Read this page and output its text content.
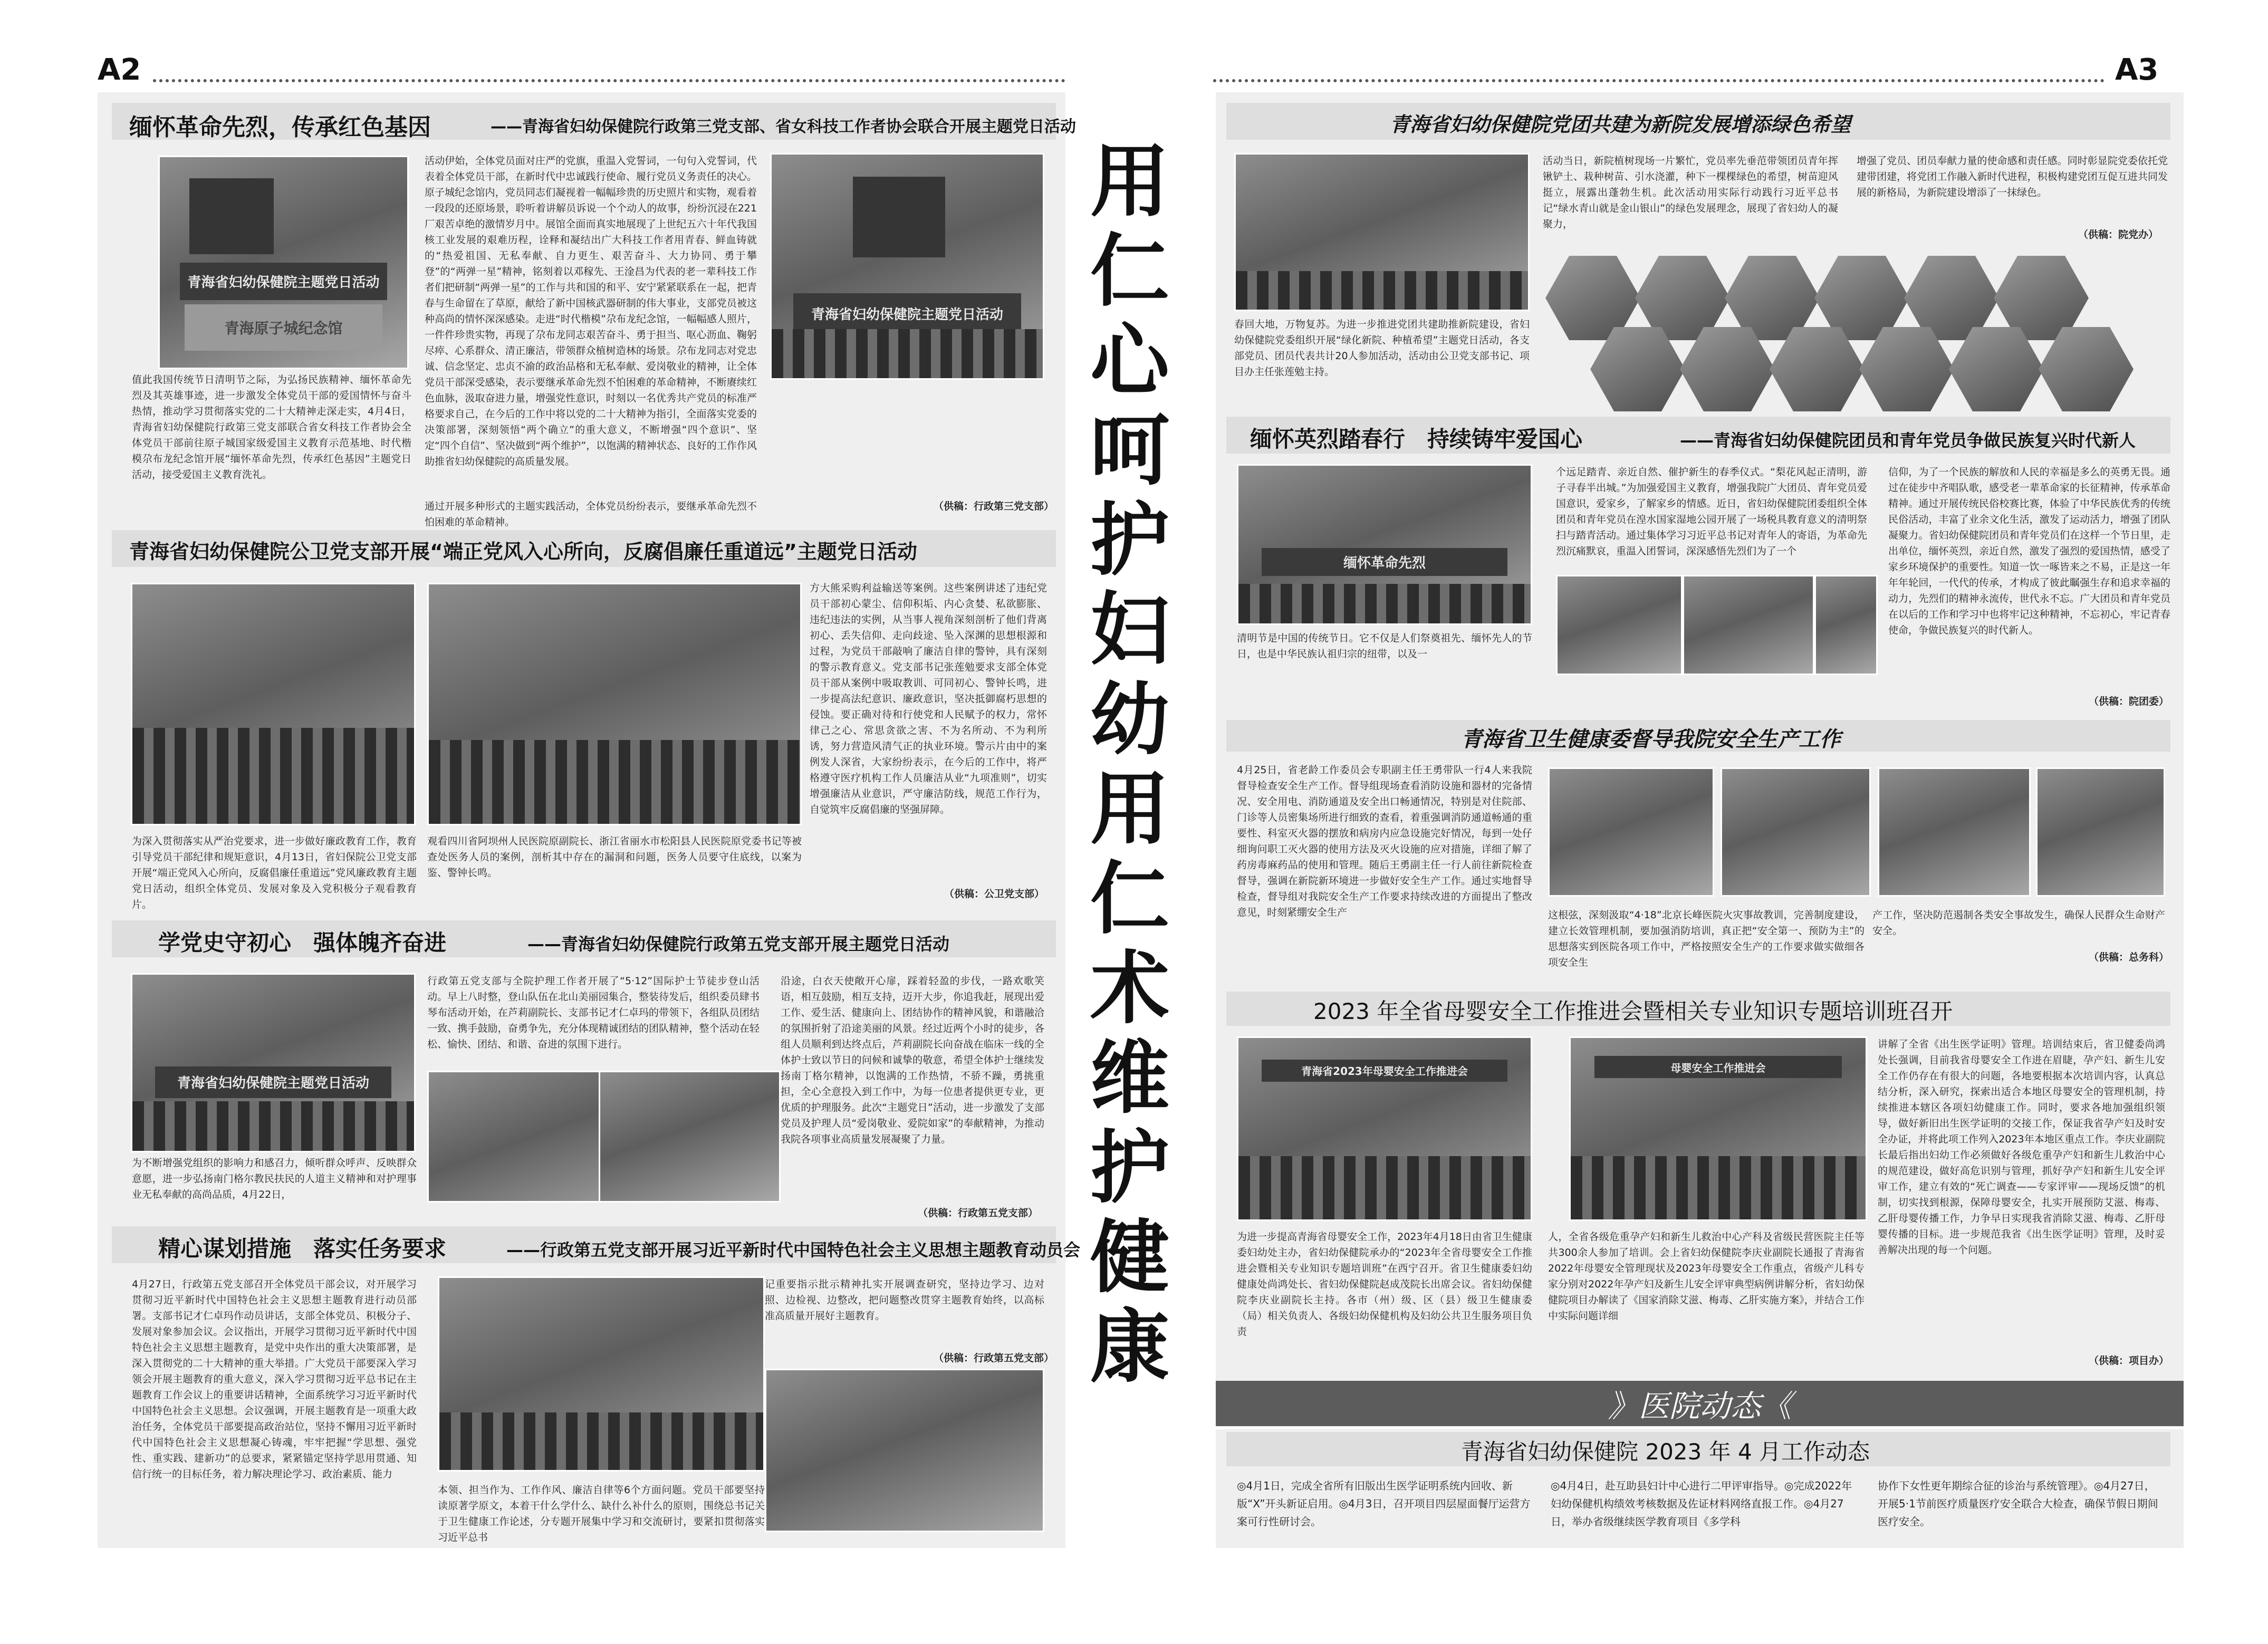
A2	A3
缅怀革命先烈，传承红色基因	——青海省妇幼保健院行政第三党支部、省女科技工作者协会联合开展主题党日活动
青海省妇幼保健院主题党日活动
青海原子城纪念馆
青海省妇幼保健院主题党日活动
值此我国传统节日清明节之际，为弘扬民族精神、缅怀革命先烈及其英雄事迹，进一步激发全体党员干部的爱国情怀与奋斗热情，推动学习贯彻落实党的二十大精神走深走实，4月4日，青海省妇幼保健院行政第三党支部联合省女科技工作者协会全体党员干部前往原子城国家级爱国主义教育示范基地、时代楷模尕布龙纪念馆开展“缅怀革命先烈，传承红色基因”主题党日活动，接受爱国主义教育洗礼。
活动伊始，全体党员面对庄严的党旗，重温入党誓词，一句句入党誓词，代表着全体党员干部，在新时代中忠诚践行使命、履行党员义务责任的决心。原子城纪念馆内，党员同志们凝视着一幅幅珍贵的历史照片和实物，观看着一段段的还原场景，聆听着讲解员诉说一个个动人的故事，纷纷沉浸在221厂艰苦卓绝的激情岁月中。展馆全面而真实地展现了上世纪五六十年代我国核工业发展的艰难历程，诠释和凝结出广大科技工作者用青春、鲜血铸就的“热爱祖国、无私奉献、自力更生、艰苦奋斗、大力协同、勇于攀登”的“两弹一星”精神，铭刻着以邓稼先、王淦昌为代表的老一辈科技工作者们把研制“两弹一星”的工作与共和国的和平、安宁紧紧联系在一起，把青春与生命留在了草原，献给了新中国核武器研制的伟大事业，支部党员被这种高尚的情怀深深感染。走进“时代楷模”尕布龙纪念馆，一幅幅感人照片，一件件珍贵实物，再现了尕布龙同志艰苦奋斗、勇于担当、呕心沥血、鞠躬尽瘁、心系群众、清正廉洁，带领群众植树造林的场景。尕布龙同志对党忠诚、信念坚定、忠贞不渝的政治品格和无私奉献、爱岗敬业的精神，让全体党员干部深受感染，表示要继承革命先烈不怕困难的革命精神，不断赓续红色血脉，汲取奋进力量，增强党性意识，时刻以一名优秀共产党员的标准严格要求自己，在今后的工作中将以党的二十大精神为指引，全面落实党委的决策部署，深刻领悟“两个确立”的重大意义，不断增强“四个意识”、坚定“四个自信”、坚决做到“两个维护”，以饱满的精神状态、良好的工作作风助推省妇幼保健院的高质量发展。
通过开展多种形式的主题实践活动，全体党员纷纷表示，要继承革命先烈不怕困难的革命精神。
（供稿：行政第三党支部）
青海省妇幼保健院公卫党支部开展“端正党风入心所向，反腐倡廉任重道远”主题党日活动
为深入贯彻落实从严治党要求，进一步做好廉政教育工作，教育引导党员干部纪律和规矩意识，4月13日，省妇保院公卫党支部开展“端正党风入心所向，反腐倡廉任重道远”党风廉政教育主题党日活动，组织全体党员、发展对象及入党积极分子观看教育片。
观看四川省阿坝州人民医院原副院长、浙江省丽水市松阳县人民医院原党委书记等被查处医务人员的案例，剖析其中存在的漏洞和问题，医务人员要守住底线，以案为鉴、警钟长鸣。
方大熊采购利益输送等案例。这些案例讲述了违纪党员干部初心蒙尘、信仰积垢、内心贪婪、私欲膨胀、违纪违法的实例，从当事人视角深刻剖析了他们背离初心、丢失信仰、走向歧途、坠入深渊的思想根源和过程，为党员干部敲响了廉洁自律的警钟，具有深刻的警示教育意义。党支部书记张莲勉要求支部全体党员干部从案例中吸取教训、可同初心、警钟长鸣，进一步提高法纪意识、廉政意识，坚决抵御腐朽思想的侵蚀。要正确对待和行使党和人民赋予的权力，常怀律己之心、常思贪欲之害、不为名所动、不为利所诱，努力营造风清气正的执业环境。警示片由中的案例发人深省，大家纷纷表示，在今后的工作中，将严格遵守医疗机构工作人员廉洁从业“九项准则”，切实增强廉洁从业意识，严守廉洁防线，规范工作行为，自觉筑牢反腐倡廉的坚强屏障。
（供稿：公卫党支部）
学党史守初心　强体魄齐奋进	——青海省妇幼保健院行政第五党支部开展主题党日活动
青海省妇幼保健院主题党日活动
为不断增强党组织的影响力和感召力，倾听群众呼声、反映群众意愿，进一步弘扬南门格尔教民扶民的人道主义精神和对护理事业无私奉献的高尚品质，4月22日，
行政第五党支部与全院护理工作者开展了“5·12”国际护士节徒步登山活动。早上八时整，登山队伍在北山美丽园集合，整装待发后，组织委员肆书琴布活动开始，在芦莉副院长、支部书记才仁卓玛的带领下，各组队员团结一致、携手鼓励，奋勇争先，充分体现精诚团结的团队精神，整个活动在轻松、愉快、团结、和谐、奋进的氛围下进行。
沿途，白衣天使敞开心扉，踩着轻盈的步伐，一路欢歌笑语，相互鼓励，相互支持，迈开大步，你追我赶，展现出爱工作、爱生活、健康向上、团结协作的精神风貌，和谐融洽的氛围折射了沿途美丽的风景。经过近两个小时的徒步，各组人员顺利到达终点后，芦莉副院长向奋战在临床一线的全体护士致以节日的问候和诚挚的敬意，希望全体护士继续发扬南丁格尔精神，以饱满的工作热情，不骄不躁，勇挑重担，全心全意投入到工作中，为每一位患者提供更专业，更优质的护理服务。此次“主题党日”活动，进一步激发了支部党员及护理人员“爱岗敬业、爱院如家”的奉献精神，为推动我院各项事业高质量发展凝聚了力量。
（供稿：行政第五党支部）
精心谋划措施　落实任务要求	——行政第五党支部开展习近平新时代中国特色社会主义思想主题教育动员会
4月27日，行政第五党支部召开全体党员干部会议，对开展学习贯彻习近平新时代中国特色社会主义思想主题教育进行动员部署。支部书记才仁卓玛作动员讲话，支部全体党员、积极分子、发展对象参加会议。会议指出，开展学习贯彻习近平新时代中国特色社会主义思想主题教育，是党中央作出的重大决策部署，是深入贯彻党的二十大精神的重大举措。广大党员干部要深入学习领会开展主题教育的重大意义，深入学习贯彻习近平总书记在主题教育工作会议上的重要讲话精神，全面系统学习习近平新时代中国特色社会主义思想。会议强调，开展主题教育是一项重大政治任务，全体党员干部要提高政治站位，坚持不懈用习近平新时代中国特色社会主义思想凝心铸魂，牢牢把握“学思想、强党性、重实践、建新功”的总要求，紧紧锚定坚持学思用贯通、知信行统一的目标任务，着力解决理论学习、政治素质、能力
本领、担当作为、工作作风、廉洁自律等6个方面问题。党员干部要坚持读原著学原文，本着干什么学什么、缺什么补什么的原则，围绕总书记关于卫生健康工作论述，分专题开展集中学习和交流研讨，要紧扣贯彻落实习近平总书
记重要指示批示精神扎实开展调查研究，坚持边学习、边对照、边检视、边整改，把问题整改贯穿主题教育始终，以高标准高质量开展好主题教育。
（供稿：行政第五党支部）
用仁心呵护妇幼 用仁术维护健康
青海省妇幼保健院党团共建为新院发展增添绿色希望
春回大地，万物复苏。为进一步推进党团共建助推新院建设，省妇幼保健院党委组织开展“绿化新院、种植希望”主题党日活动，各支部党员、团员代表共计20人参加活动，活动由公卫党支部书记、项目办主任张莲勉主持。
活动当日，新院植树现场一片繁忙，党员率先垂范带领团员青年挥锹铲土、栽种树苗、引水浇灌，种下一棵棵绿色的希望，树苗迎风挺立，展露出蓬勃生机。此次活动用实际行动践行习近平总书记“绿水青山就是金山银山”的绿色发展理念，展现了省妇幼人的凝聚力，
增强了党员、团员奉献力量的使命感和责任感。同时彰显院党委依托党建带团建，将党团工作融入新时代进程，积极构建党团互促互进共同发展的新格局，为新院建设增添了一抹绿色。
（供稿：院党办）
缅怀英烈踏春行　持续铸牢爱国心	——青海省妇幼保健院团员和青年党员争做民族复兴时代新人
缅怀革命先烈
清明节是中国的传统节日。它不仅是人们祭奠祖先、缅怀先人的节日，也是中华民族认祖归宗的纽带，以及一
个远足踏青、亲近自然、催护新生的春季仪式。“梨花风起正清明，游子寻春半出城。”为加强爱国主义教育，增强我院广大团员、青年党员爱国意识，爱家乡，了解家乡的情感。近日，省妇幼保健院团委组织全体团员和青年党员在湟水国家湿地公园开展了一场税具教育意义的清明祭扫与踏青活动。通过集体学习习近平总书记对青年人的寄语，为革命先烈沉痛默哀，重温入团誓词，深深感悟先烈们为了一个
信仰，为了一个民族的解放和人民的幸福是多么的英勇无畏。通过在徒步中齐唱队歌，感受老一辈革命家的长征精神，传承革命精神。通过开展传统民俗校赛比赛，体验了中华民族优秀的传统民俗活动，丰富了业余文化生活，激发了运动活力，增强了团队凝聚力。省妇幼保健院团员和青年党员们在这样一个节日里，走出单位，缅怀英烈，亲近自然，激发了强烈的爱国热情，感受了家乡环境保护的重要性。知道一饮一啄皆来之不易，正是这一年年年轮回，一代代的传承，才构成了彼此瞩强生存和追求幸福的动力，先烈们的精神永流传，世代永不忘。广大团员和青年党员在以后的工作和学习中也将牢记这种精神，不忘初心，牢记青春使命，争做民族复兴的时代新人。
（供稿：院团委）
青海省卫生健康委督导我院安全生产工作
4月25日，省老龄工作委员会专职副主任王勇带队一行4人来我院督导检查安全生产工作。督导组现场查看消防设施和器材的完备情况、安全用电、消防通道及安全出口畅通情况，特别是对住院部、门诊等人员密集场所进行细致的查看，着重强调消防通道畅通的重要性、科室灭火器的摆放和病房内应急设施完好情况，每到一处仔细询问职工灭火器的使用方法及灭火设施的应对措施，详细了解了药房毒麻药品的使用和管理。随后王勇副主任一行人前往新院检查督导，强调在新院新环境进一步做好安全生产工作。通过实地督导检查，督导组对我院安全生产工作要求持续改进的方面提出了整改意见，时刻紧绷安全生产	这根弦，深刻汲取“4·18”北京长峰医院火灾事故教训，完善制度建设，建立长效管理机制，要加强消防培训，真正把“安全第一、预防为主”的思想落实到医院各项工作中，严格按照安全生产的工作要求做实做细各项安全生
产工作，坚决防范遏制各类安全事故发生，确保人民群众生命财产安全。
（供稿：总务科）
2023 年全省母婴安全工作推进会暨相关专业知识专题培训班召开
青海省2023年母婴安全工作推进会	母婴安全工作推进会
为进一步提高青海省母婴安全工作，2023年4月18日由省卫生健康委妇幼处主办，省妇幼保健院承办的“2023年全省母婴安全工作推进会暨相关专业知识专题培训班”在西宁召开。省卫生健康委妇幼健康处尚鸿处长、省妇幼保健院赵成茂院长出席会议。省妇幼保健院李庆业副院长主持。各市（州）级、区（县）级卫生健康委（局）相关负责人、各级妇幼保健机构及妇幼公共卫生服务项目负责
人，全省各级危重孕产妇和新生儿救治中心产科及省级民营医院主任等共300余人参加了培训。会上省妇幼保健院李庆业副院长通报了青海省2022年母婴安全管理现状及2023年母婴安全工作重点，省级产儿科专家分别对2022年孕产妇及新生儿安全评审典型病例讲解分析，省妇幼保健院项目办解读了《国家消除艾滋、梅毒、乙肝实施方案》，并结合工作中实际问题详细
讲解了全省《出生医学证明》管理。培训结束后，省卫健委尚鸿处长强调，目前我省母婴安全工作进在眉睫，孕产妇、新生儿安全工作仍存在有很大的问题，各地要根据本次培训内容，认真总结分析，深入研究，探索出适合本地区母婴安全的管理机制，持续推进本辖区各项妇幼健康工作。同时，要求各地加强组织领导，做好新旧出生医学证明的交接工作，保证我省孕产妇及时安全办证，并将此项工作列入2023年本地区重点工作。李庆业副院长最后指出妇幼工作必须做好各级危重孕产妇和新生儿救治中心的规范建设，做好高危识别与管理，抓好孕产妇和新生儿安全评审工作，建立有效的“死亡调查——专家评审——现场反馈”的机制，切实找到根源，保障母婴安全，扎实开展预防艾滋、梅毒、乙肝母婴传播工作，力争早日实现我省消除艾滋、梅毒、乙肝母婴传播的目标。进一步规范我省《出生医学证明》管理，及时妥善解决出现的每一个问题。
（供稿：项目办）
》医院动态《
青海省妇幼保健院 2023 年 4 月工作动态
◎4月1日，完成全省所有旧版出生医学证明系统内回收、新版“X”开头新证启用。◎4月3日，召开项目四层屋面餐厅运营方案可行性研讨会。
◎4月4日，赴互助县妇计中心进行二甲评审指导。◎完成2022年妇幼保健机构绩效考核数据及佐证材料网络直报工作。◎4月27日，举办省级继续医学教育项目《多学科
协作下女性更年期综合征的诊治与系统管理》。◎4月27日，开展5·1节前医疗质量医疗安全联合大检查，确保节假日期间医疗安全。
